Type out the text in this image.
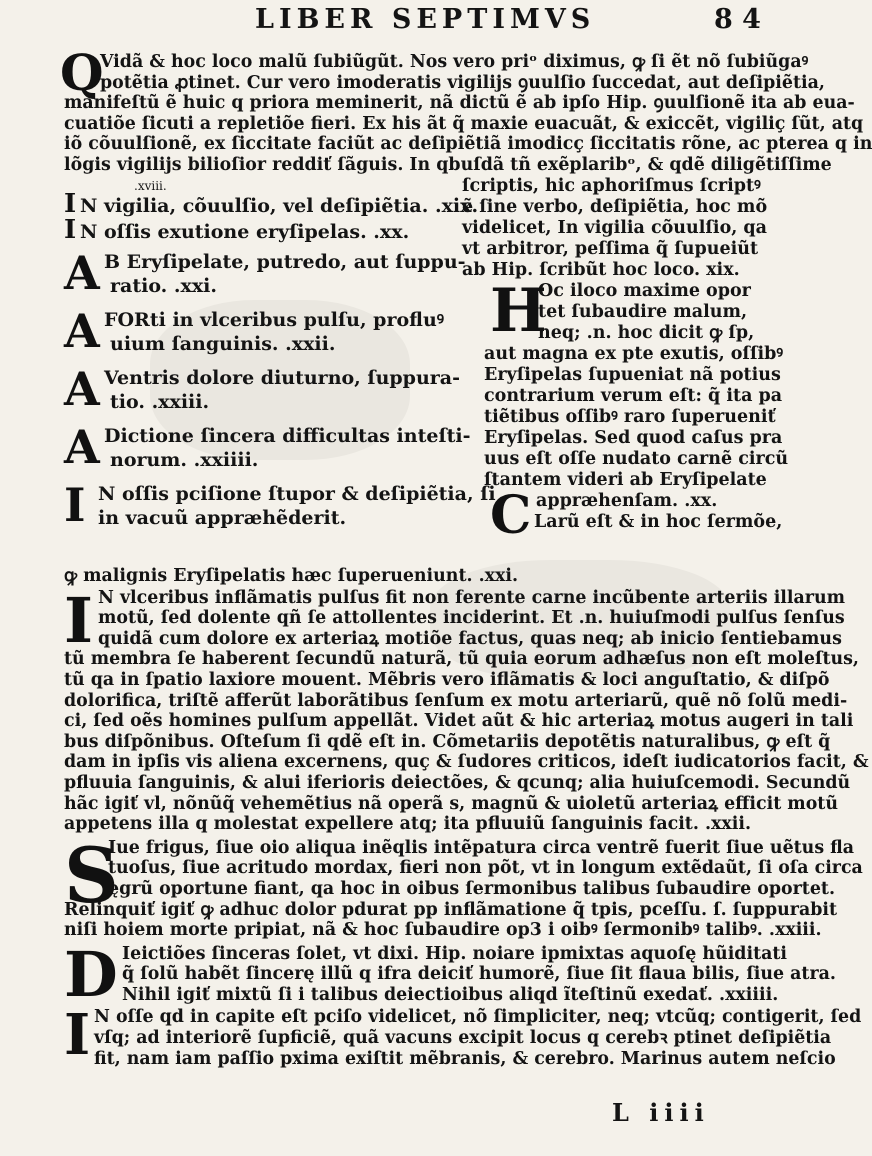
LIBER SEPTIMVS	8 4
Q
Vidã & hoc loco malũ ſubiũgũt. Nos vero priᵒ diximus, ꝙ ſi ẽt nõ ſubiũgaꝰ
potẽtia ꝓtinet. Cur vero imoderatis vigilijs ꝯuulſio ſuccedat, aut deſipiẽtia,
manifeſtũ ẽ huic q priora meminerit, nã dictũ ẽ ab ipſo Hip. ꝯuulſionẽ ita ab eua-
cuatiõe ſicuti a repletiõe fieri. Ex his ãt q̃ maxie euacuãt, & exiccẽt, vigiliç ſũt, atq
iõ cõuulſionẽ, ex ſiccitate faciũt ac deſipiẽtiã imodicç ſiccitatis rõne, ac pterea q in
lõgis vigilijs bilioſior reddiť ſãguis. In qbuſdã tñ exẽplaribᵒ, & qdẽ diligẽtiſſime
.xviii.
I N vigilia, cõuulſio, vel deſipiẽtia. .xix.
I N oſſis exutione eryſipelas. .xx.
A B Eryſipelate, putredo, aut ſuppu-
ratio. .xxi.
A FORti in vlceribus pulſu, profluꝰ
uium ſanguinis. .xxii.
A Ventris dolore diuturno, ſuppura-
tio. .xxiii.
A Dictione ſincera difficultas inteſti-
norum. .xxiiii.
I N oſſis pciſione ſtupor & deſipiẽtia, ſi
in vacuũ appræhẽderit.
ſcriptis, hic aphoriſmus ſcriptꝰ
ẽ ſine verbo, deſipiẽtia, hoc mõ
videlicet, In vigilia cõuulſio, qa
vt arbitror, peſſima q̃ ſupueiũt
ab Hip. ſcribũt hoc loco. xix.
H
Oc iloco maxime opor
tet ſubaudire malum,
neq; .n. hoc dicit ꝙ ſp,
aut magna ex pte exutis, oſſibꝰ
Eryſipelas ſupueniat nã potius
contrarium verum eſt: q̃ ita pa
tiẽtibus oſſibꝰ raro ſuperueniť
Eryſipelas. Sed quod caſus pra
uus eſt oſſe nudato carnẽ circũ
ſtantem videri ab Eryſipelate
appræhenſam. .xx.
C Larũ eſt & in hoc ſermõe,
ꝙ malignis Eryſipelatis hæc ſuperueniunt. .xxi.
I N vlceribus inflãmatis pulſus fit non ferente carne incũbente arteriis illarum
motũ, ſed dolente qñ ſe attollentes inciderint. Et .n. huiuſmodi pulſus ſenſus
quidã cum dolore ex arteriaꝝ motiõe factus, quas neq; ab inicio ſentiebamus
tũ membra ſe haberent ſecundũ naturã, tũ quia eorum adhæſus non eſt moleſtus,
tũ qa in ſpatio laxiore mouent. Mẽbris vero iflãmatis & loci anguſtatio, & diſpõ
dolorifica, triſtẽ afferũt laborãtibus ſenſum ex motu arteriarũ, quẽ nõ ſolũ medi-
ci, ſed oẽs homines pulſum appellãt. Videt aũt & hic arteriaꝝ motus augeri in tali
bus diſpõnibus. Oſteſum ſi qdẽ eſt in. Cõmetariis depotẽtis naturalibus, ꝙ eſt q̃
dam in ipſis vis aliena excernens, quç & ſudores criticos, ideſt iudicatorios facit, &
pfluuia ſanguinis, & alui iferioris deiectões, & qcunq; alia huiuſcemodi. Secundũ
hãc igiť vl, nõnũq̃ vehemẽtius nã operã s, magnũ & uioletũ arteriaꝝ efficit motũ
appetens illa q molestat expellere atq; ita pfluuiũ ſanguinis facit. .xxii.
S
Iue frigus, ſiue oio aliqua inẽqlis intẽpatura circa ventrẽ fuerit ſiue uẽtus fla
tuoſus, ſiue acritudo mordax, fieri non põt, vt in longum extẽdaũt, ſi oſa circa
ęgrũ oportune fiant, qa hoc in oibus ſermonibus talibus ſubaudire oportet.
Relinquiť igiť ꝙ adhuc dolor pdurat pp inflãmatione q̃ tpis, pceſſu. ſ. ſuppurabit
niſi hoiem morte pripiat, nã & hoc ſubaudire op3 i oibꝰ ſermonibꝰ talibꝰ. .xxiii.
D Ieictiões ſinceras ſolet, vt dixi. Hip. noiare ipmixtas aquoſę hũiditati
q̃ ſolũ habẽt ſincerę illũ q ifra deiciť humorẽ, ſiue ſit flaua bilis, ſiue atra.
Nihil igiť mixtũ ſi i talibus deiectioibus aliqd ĩteſtinũ exedať. .xxiiii.
I N oſſe qd in capite eſt pciſo videlicet, nõ ſimpliciter, neq; vtcũq; contigerit, ſed
vſq; ad interiorẽ ſupficiẽ, quã vacuns excipit locus q cerebꝛ ptinet deſipiẽtia
fit, nam iam paſſio pxima exiſtit mẽbranis, & cerebro. Marinus autem neſcio
L iiii
